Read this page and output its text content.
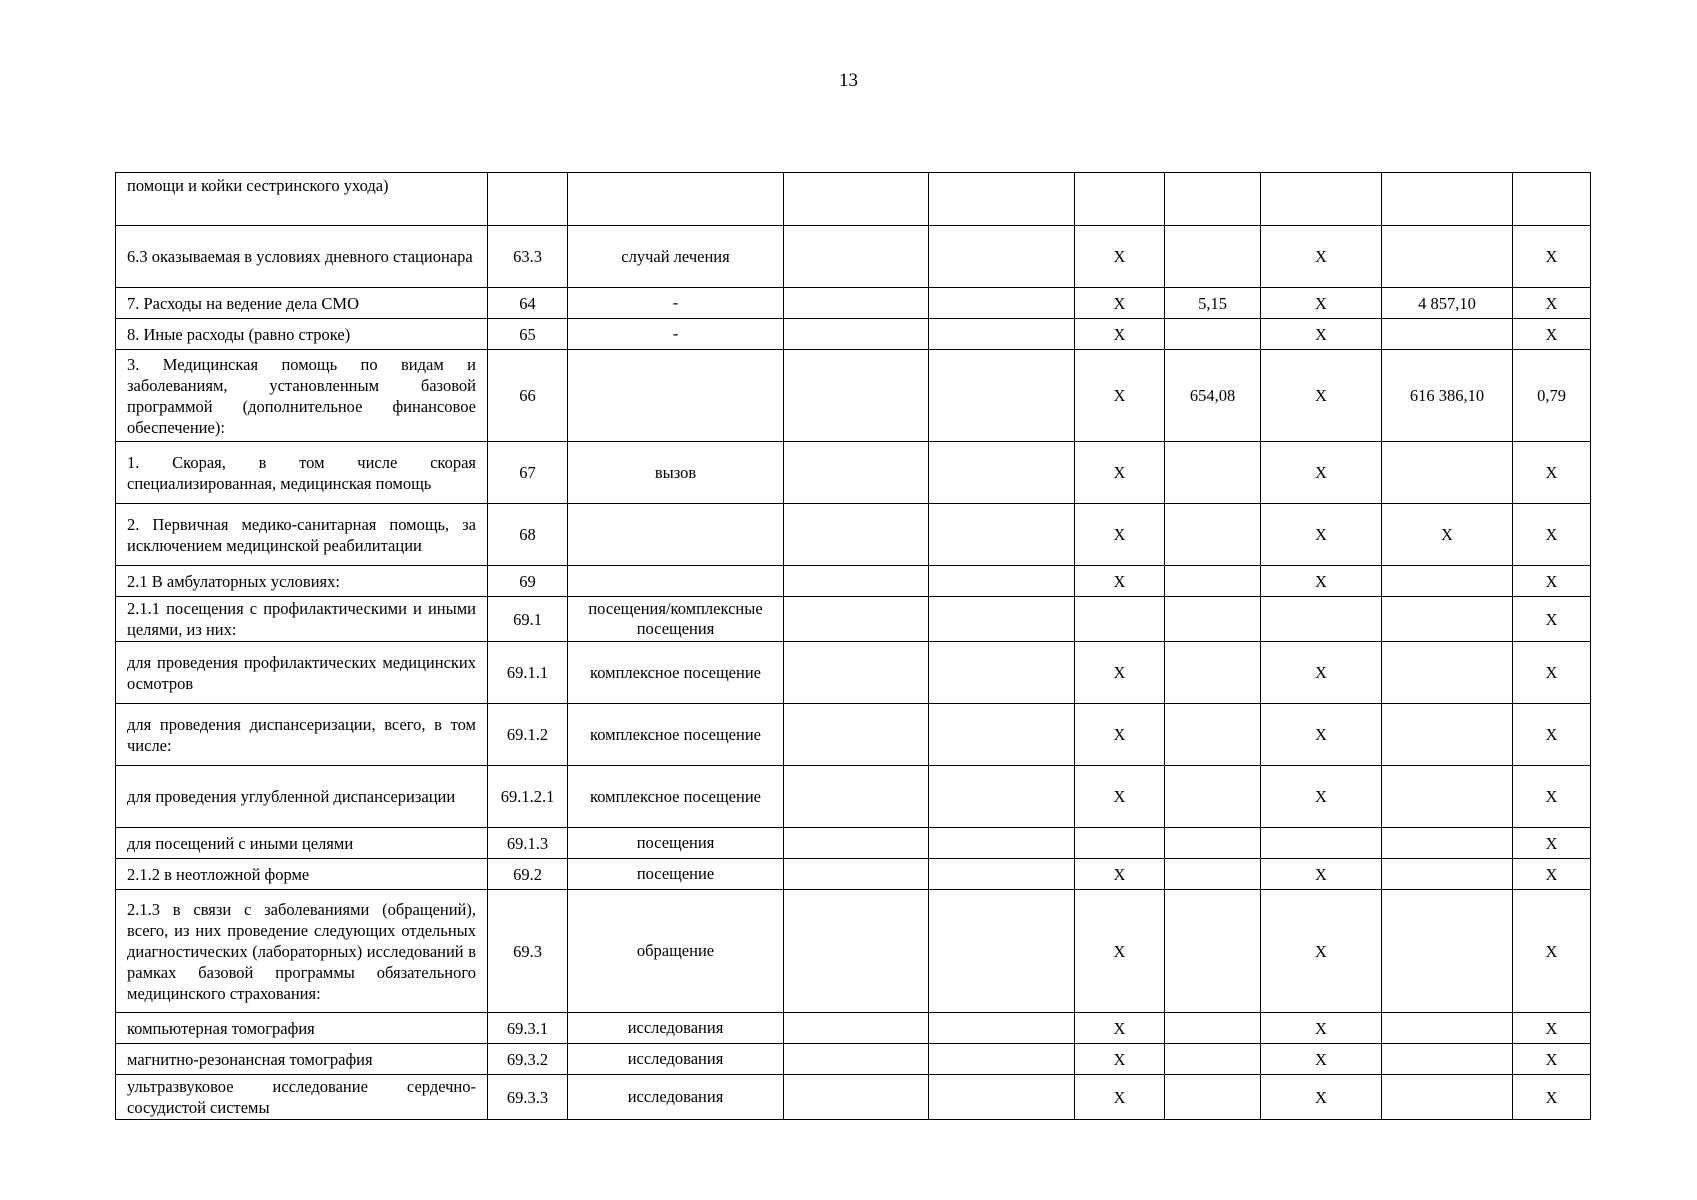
13
помощи и койки сестринского ухода)									
6.3 оказываемая в условиях дневного стационара	63.3	случай лечения			X		X		X
7. Расходы на ведение дела СМО	64	-			X	5,15	X	4 857,10	X
8. Иные расходы (равно строке)	65	-			X		X		X
3. Медицинская помощь по видам и заболеваниям, установленным базовой программой (дополнительное финансовое обеспечение):	66				X	654,08	X	616 386,10	0,79
1. Скорая, в том числе скорая специализированная, медицинская помощь	67	вызов			X		X		X
2. Первичная медико-санитарная помощь, за исключением медицинской реабилитации	68				X		X	X	X
2.1 В амбулаторных условиях:	69				X		X		X
2.1.1 посещения с профилактическими и иными целями, из них:	69.1	посещения/комплексные посещения							X
для проведения профилактических медицинских осмотров	69.1.1	комплексное посещение			X		X		X
для проведения диспансеризации, всего, в том числе:	69.1.2	комплексное посещение			X		X		X
для проведения углубленной диспансеризации	69.1.2.1	комплексное посещение			X		X		X
для посещений с иными целями	69.1.3	посещения							X
2.1.2 в неотложной форме	69.2	посещение			X		X		X
2.1.3 в связи с заболеваниями (обращений), всего, из них проведение следующих отдельных диагностических (лабораторных) исследований в рамках базовой программы обязательного медицинского страхования:	69.3	обращение			X		X		X
компьютерная томография	69.3.1	исследования			X		X		X
магнитно-резонансная томография	69.3.2	исследования			X		X		X
ультразвуковое исследование сердечно-сосудистой системы	69.3.3	исследования			X		X		X
